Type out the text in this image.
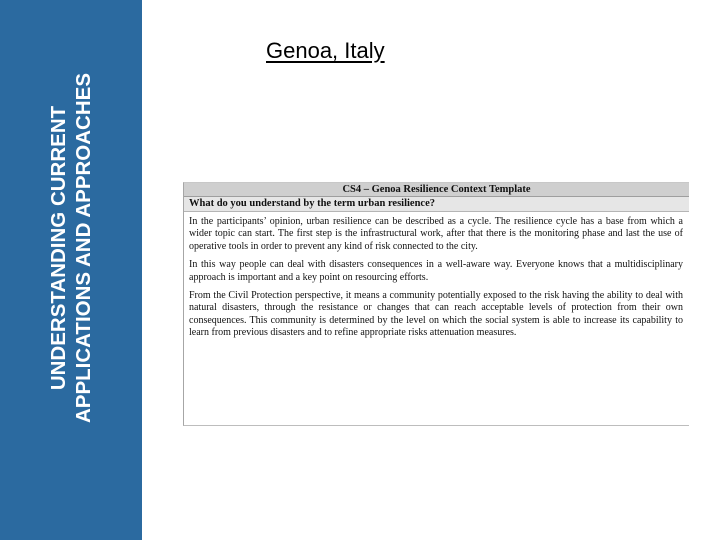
UNDERSTANDING CURRENT APPLICATIONS AND APPROACHES
Genoa, Italy
CS4 – Genoa Resilience Context Template
What do you understand by the term urban resilience?

In the participants’ opinion, urban resilience can be described as a cycle. The resilience cycle has a base from which a wider topic can start. The first step is the infrastructural work, after that there is the monitoring phase and last the use of operative tools in order to prevent any kind of risk connected to the city.

In this way people can deal with disasters consequences in a well-aware way. Everyone knows that a multidisciplinary approach is important and a key point on resourcing efforts.

From the Civil Protection perspective, it means a community potentially exposed to the risk having the ability to deal with natural disasters, through the resistance or changes that can reach acceptable levels of protection from their own consequences. This community is determined by the level on which the social system is able to increase its capability to learn from previous disasters and to refine appropriate risks attenuation measures.
